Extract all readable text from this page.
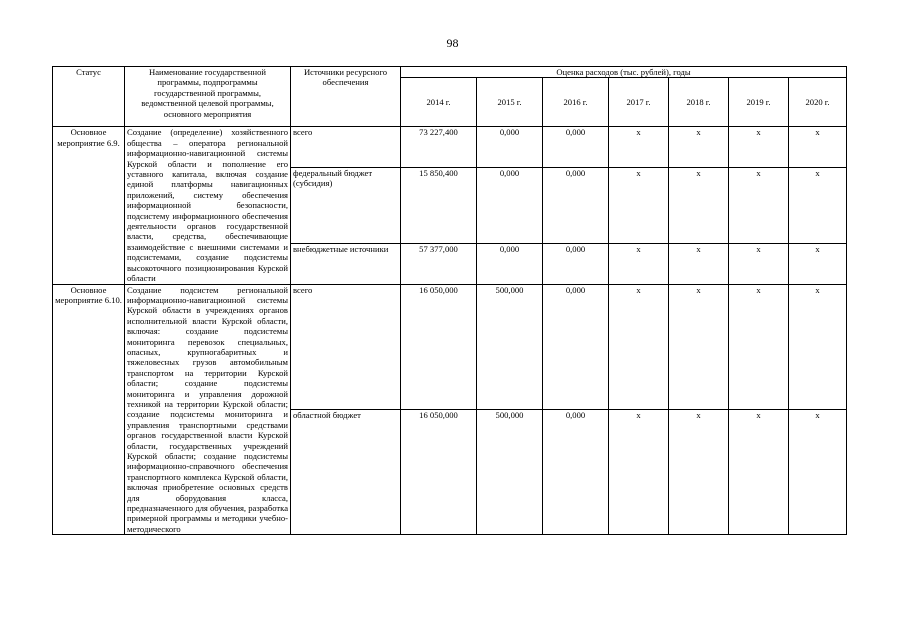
98
Статус	Наименование государственной программы, подпрограммы государственной программы, ведомственной целевой программы, основного мероприятия	Источники ресурсного обеспечения	Оценка расходов (тыс. рублей), годы						
			2014 г.	2015 г.	2016 г.	2017 г.	2018 г.	2019 г.	2020 г.
Основное мероприятие 6.9.	Создание (определение) хозяйственного общества – оператора региональной информационно-навигационной системы Курской области и пополнение его уставного капитала, включая создание единой платформы навигационных приложений, систему обеспечения информационной безопасности, подсистему информационного обеспечения деятельности органов государственной власти, средства, обеспечивающие взаимодействие с внешними системами и подсистемами, создание подсистемы высокоточного позиционирования Курской области	всего	73 227,400	0,000	0,000	x	x	x	x
		федеральный бюджет (субсидия)	15 850,400	0,000	0,000	x	x	x	x
		внебюджетные источники	57 377,000	0,000	0,000	x	x	x	x
Основное мероприятие 6.10.	Создание подсистем региональной информационно-навигационной системы Курской области в учреждениях органов исполнительной власти Курской области, включая: создание подсистемы мониторинга перевозок специальных, опасных, крупногабаритных и тяжеловесных грузов автомобильным транспортом на территории Курской области; создание подсистемы мониторинга и управления дорожной техникой на территории Курской области; создание подсистемы мониторинга и управления транспортными средствами органов государственной власти Курской области, государственных учреждений Курской области; создание подсистемы информационно-справочного обеспечения транспортного комплекса Курской области, включая приобретение основных средств для оборудования класса, предназначенного для обучения, разработка примерной программы и методики учебно-методического	всего	16 050,000	500,000	0,000	x	x	x	x
		областной бюджет	16 050,000	500,000	0,000	x	x	x	x
